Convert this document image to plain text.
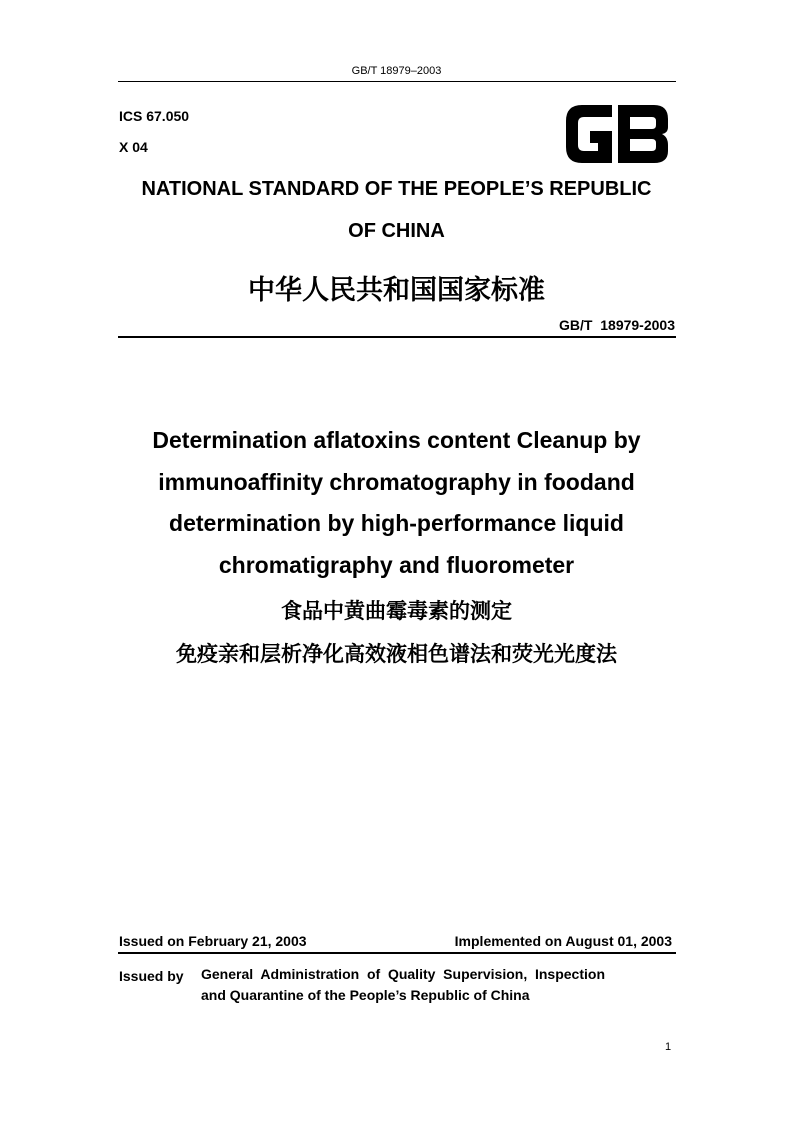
GB/T 18979–2003
ICS 67.050
X 04
NATIONAL STANDARD OF THE PEOPLE’S REPUBLIC
OF CHINA
中华人民共和国国家标准
GB/T  18979-2003
Determination aflatoxins content Cleanup by
immunoaffinity chromatography in foodand
determination by high-performance liquid
chromatigraphy and fluorometer
食品中黄曲霉毒素的测定
免疫亲和层析净化高效液相色谱法和荧光光度法
Issued on February 21, 2003	Implemented on August 01, 2003
Issued by General  Administration  of  Quality  Supervision,  Inspection
and Quarantine of the People’s Republic of China
1
